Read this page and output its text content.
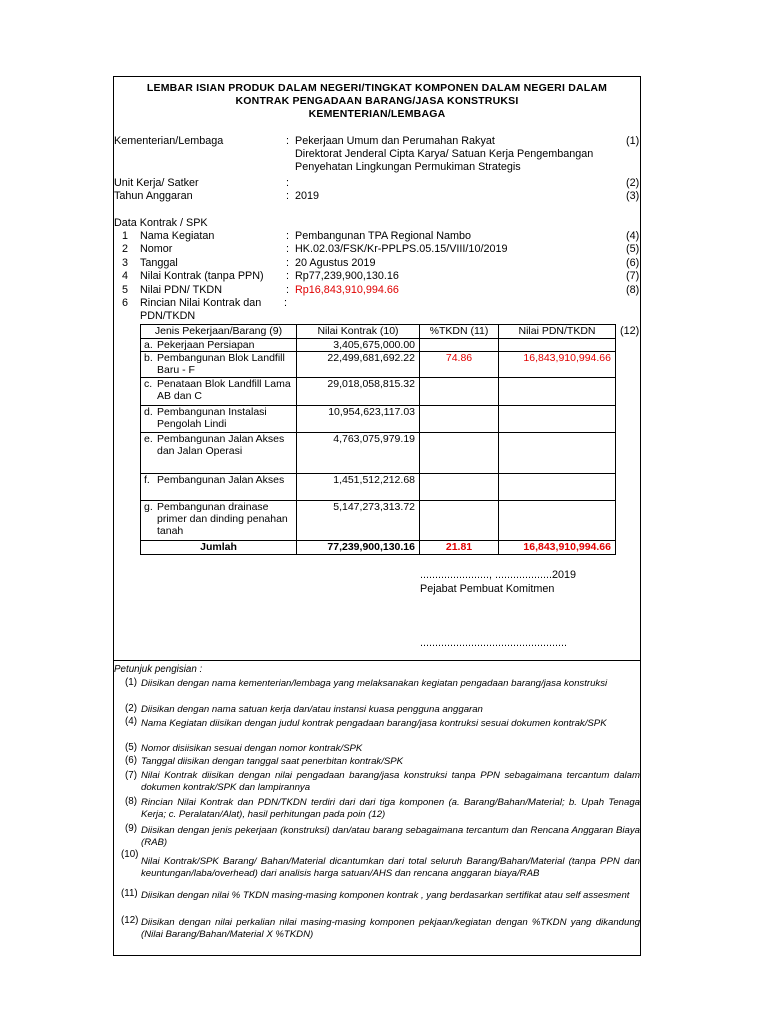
LEMBAR ISIAN PRODUK DALAM NEGERI/TINGKAT KOMPONEN DALAM NEGERI DALAM
KONTRAK PENGADAAN BARANG/JASA KONSTRUKSI
KEMENTERIAN/LEMBAGA
Kementerian/Lembaga	: Pekerjaan Umum dan Perumahan Rakyat
Direktorat Jenderal Cipta Karya/ Satuan Kerja Pengembangan
Penyehatan Lingkungan Permukiman Strategis
(1)
Unit Kerja/ Satker	:	(2)
Tahun Anggaran	: 2019	(3)
Data Kontrak / SPK
1 Nama Kegiatan	: Pembangunan TPA Regional Nambo	(4)
2 Nomor	: HK.02.03/FSK/Kr-PPLPS.05.15/VIII/10/2019	(5)
3 Tanggal	: 20 Agustus 2019	(6)
4 Nilai Kontrak (tanpa PPN) : Rp77,239,900,130.16	(7)
5 Nilai PDN/ TKDN	: Rp16,843,910,994.66	(8)
6 Rincian Nilai Kontrak dan
PDN/TKDN
:
Jenis Pekerjaan/Barang (9)	Nilai Kontrak (10)	%TKDN (11)	Nilai PDN/TKDN

a. Pekerjaan Persiapan	3,405,675,000.00		

b. Pembangunan Blok Landfill Baru - F	22,499,681,692.22	74.86	16,843,910,994.66

c. Penataan Blok Landfill Lama AB dan C	29,018,058,815.32		

d. Pembangunan Instalasi Pengolah Lindi	10,954,623,117.03		

e. Pembangunan Jalan Akses dan Jalan Operasi	4,763,075,979.19		

f. Pembangunan Jalan Akses	1,451,512,212.68		

g. Pembangunan drainase primer dan dinding penahan tanah	5,147,273,313.72		
Jumlah	77,239,900,130.16	21.81	16,843,910,994.66
(12)
......................., ...................2019
Pejabat Pembuat Komitmen
.................................................
Petunjuk pengisian :
(1) Diisikan dengan nama kementerian/lembaga yang melaksanakan kegiatan pengadaan barang/jasa konstruksi
(2) Diisikan dengan nama satuan kerja dan/atau instansi kuasa pengguna anggaran
(4) Nama Kegiatan diisikan dengan judul kontrak pengadaan barang/jasa kontruksi sesuai dokumen kontrak/SPK
(5) Nomor disiisikan sesuai dengan nomor kontrak/SPK
(6) Tanggal diisikan dengan tanggal saat penerbitan kontrak/SPK
(7) Nilai Kontrak diisikan dengan nilai pengadaan barang/jasa konstruksi tanpa PPN sebagaimana tercantum dalam dokumen kontrak/SPK dan lampirannya
(8) Rincian Nilai Kontrak dan PDN/TKDN terdiri dari dari tiga komponen (a. Barang/Bahan/Material; b. Upah Tenaga Kerja; c. Peralatan/Alat), hasil perhitungan pada poin (12)
(9) Diisikan dengan jenis pekerjaan (konstruksi) dan/atau barang sebagaimana tercantum dan Rencana Anggaran Biaya (RAB)
(10)
Nilai Kontrak/SPK Barang/ Bahan/Material dicantumkan dari total seluruh Barang/Bahan/Material (tanpa PPN dan keuntungan/laba/overhead) dari analisis harga satuan/AHS dan rencana anggaran biaya/RAB
(11) Diisikan dengan nilai % TKDN masing-masing komponen kontrak , yang berdasarkan sertifikat atau self assesment
(12) Diisikan dengan nilai perkalian nilai masing-masing komponen pekjaan/kegiatan dengan %TKDN yang dikandung (Nilai Barang/Bahan/Material X %TKDN)
